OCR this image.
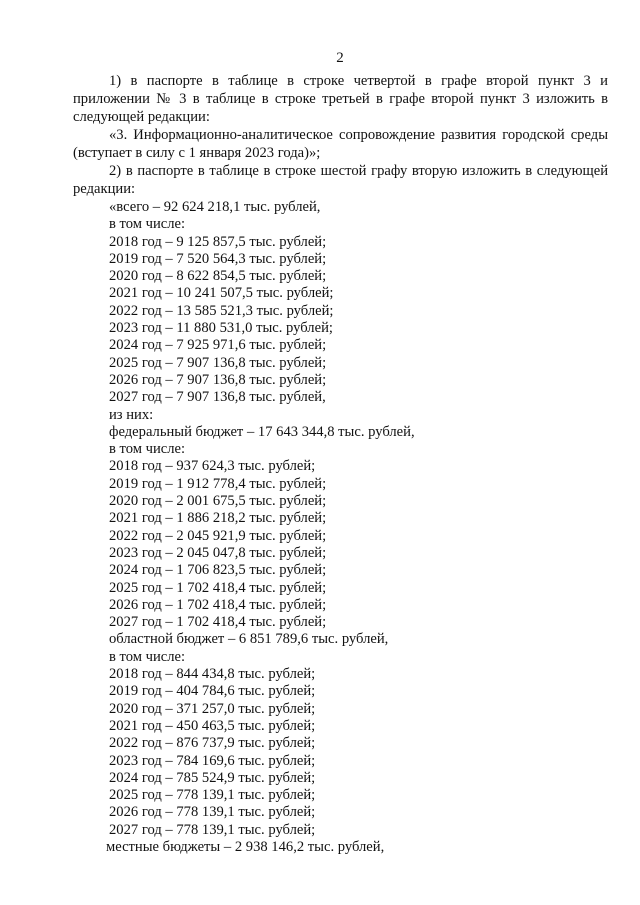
2

1) в паспорте в таблице в строке четвертой в графе второй пункт 3 и приложении № 3 в таблице в строке третьей в графе второй пункт 3 изложить в следующей редакции:

«3. Информационно-аналитическое сопровождение развития городской среды (вступает в силу с 1 января 2023 года)»;

2) в паспорте в таблице в строке шестой графу вторую изложить в следующей редакции:

«всего – 92 624 218,1 тыс. рублей,
в том числе:
2018 год – 9 125 857,5 тыс. рублей;
2019 год – 7 520 564,3 тыс. рублей;
2020 год – 8 622 854,5 тыс. рублей;
2021 год – 10 241 507,5 тыс. рублей;
2022 год – 13 585 521,3 тыс. рублей;
2023 год – 11 880 531,0 тыс. рублей;
2024 год – 7 925 971,6 тыс. рублей;
2025 год – 7 907 136,8 тыс. рублей;
2026 год – 7 907 136,8 тыс. рублей;
2027 год – 7 907 136,8 тыс. рублей,
из них:
федеральный бюджет – 17 643 344,8 тыс. рублей,
в том числе:
2018 год – 937 624,3 тыс. рублей;
2019 год – 1 912 778,4 тыс. рублей;
2020 год – 2 001 675,5 тыс. рублей;
2021 год – 1 886 218,2 тыс. рублей;
2022 год – 2 045 921,9 тыс. рублей;
2023 год – 2 045 047,8 тыс. рублей;
2024 год – 1 706 823,5 тыс. рублей;
2025 год – 1 702 418,4 тыс. рублей;
2026 год – 1 702 418,4 тыс. рублей;
2027 год – 1 702 418,4 тыс. рублей;
областной бюджет – 6 851 789,6 тыс. рублей,
в том числе:
2018 год – 844 434,8 тыс. рублей;
2019 год – 404 784,6 тыс. рублей;
2020 год – 371 257,0 тыс. рублей;
2021 год – 450 463,5 тыс. рублей;
2022 год – 876 737,9 тыс. рублей;
2023 год – 784 169,6 тыс. рублей;
2024 год – 785 524,9 тыс. рублей;
2025 год – 778 139,1 тыс. рублей;
2026 год – 778 139,1 тыс. рублей;
2027 год – 778 139,1 тыс. рублей;
местные бюджеты – 2 938 146,2 тыс. рублей,
